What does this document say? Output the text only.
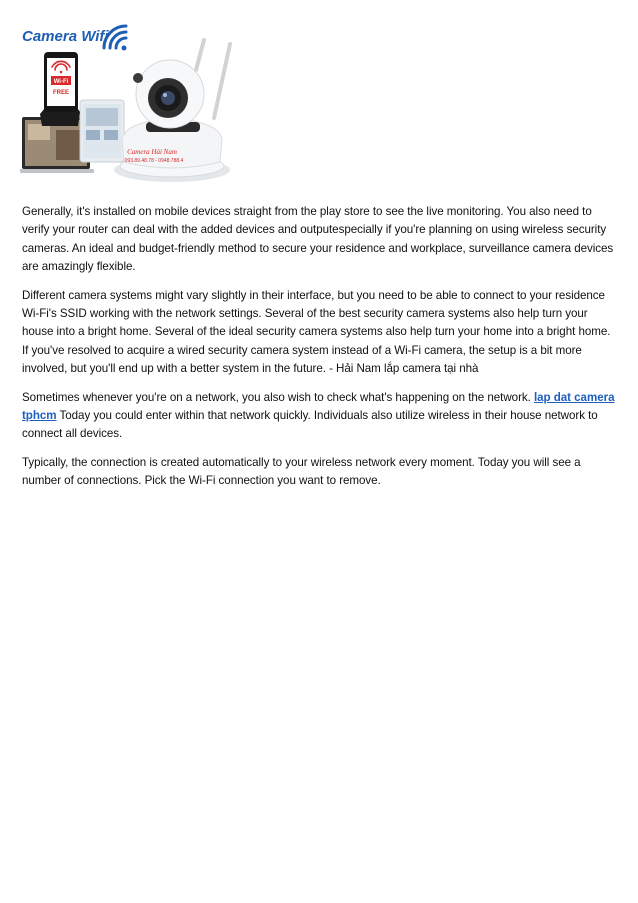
Camera Wifi
Wi-Fi
FREE
Camera Hải Nam
093.89.48.78 - 0948.788.4

Generally, it's installed on mobile devices straight from the play store to see the live monitoring. You also need to verify your router can deal with the added devices and outputespecially if you're planning on using wireless security cameras. An ideal and budget-friendly method to secure your residence and workplace, surveillance camera devices are amazingly flexible.

Different camera systems might vary slightly in their interface, but you need to be able to connect to your residence Wi-Fi's SSID working with the network settings. Several of the best security camera systems also help turn your house into a bright home. Several of the ideal security camera systems also help turn your home into a bright home. If you've resolved to acquire a wired security camera system instead of a Wi-Fi camera, the setup is a bit more involved, but you'll end up with a better system in the future. - Hải Nam lắp camera tại nhà

Sometimes whenever you're on a network, you also wish to check what's happening on the network. lap dat camera tphcm Today you could enter within that network quickly. Individuals also utilize wireless in their house network to connect all devices.

Typically, the connection is created automatically to your wireless network every moment. Today you will see a number of connections. Pick the Wi-Fi connection you want to remove.
